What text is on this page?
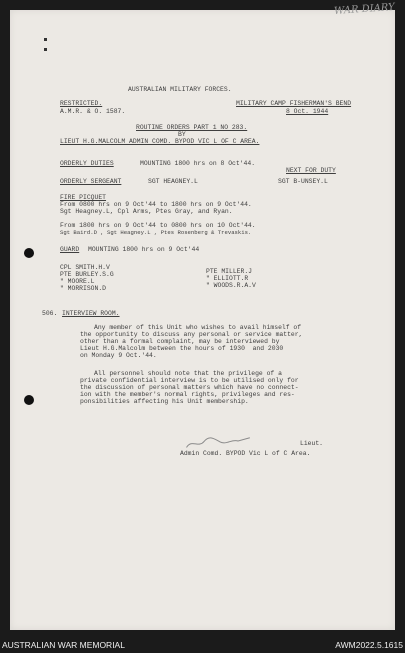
WAR DIARY
AUSTRALIAN MILITARY FORCES.
RESTRICTED.
A.M.R. & O. 1587.
MILITARY CAMP FISHERMAN'S BEND
8 Oct. 1944
ROUTINE ORDERS PART 1 NO 283.
BY
LIEUT H.G.MALCOLM ADMIN COMD. BYPOD VIC L OF C AREA.
ORDERLY DUTIES	MOUNTING 1800 hrs on 8 Oct'44.
NEXT FOR DUTY
ORDERLY SERGEANT	SGT HEAGNEY.L	SGT B-UNSEY.L
FIRE PICQUET
From 0800 hrs on 9 Oct'44 to 1800 hrs on 9 Oct'44.
Sgt Heagney.L, Cpl Arms, Ptes Gray, and Ryan.
From 1800 hrs on 9 Oct'44 to 0800 hrs on 10 Oct'44.
Sgt Baird.D , Sgt Heagney.L , Ptes Rosenberg & Trevaskis.
GUARD MOUNTING 1800 hrs on 9 Oct'44
CPL SMITH.H.V
PTE BURLEY.S.G
" MOORE.L
" MORRISON.D
PTE MILLER.J
" ELLIOTT.R
" WOODS.R.A.V
506. INTERVIEW ROOM.
Any member of this Unit who wishes to avail himself of
the opportunity to discuss any personal or service matter,
other than a formal complaint, may be interviewed by
Lieut H.G.Malcolm between the hours of 1930  and 2030
on Monday 9 Oct.'44.
All personnel should note that the privilege of a
private confidential interview is to be utilised only for
the discussion of personal matters which have no connect-
ion with the member's normal rights, privileges and res-
ponsibilities affecting his Unit membership.
Lieut.
Admin Comd. BYPOD Vic L of C Area.
AUSTRALIAN WAR MEMORIAL	AWM2022.5.1615
